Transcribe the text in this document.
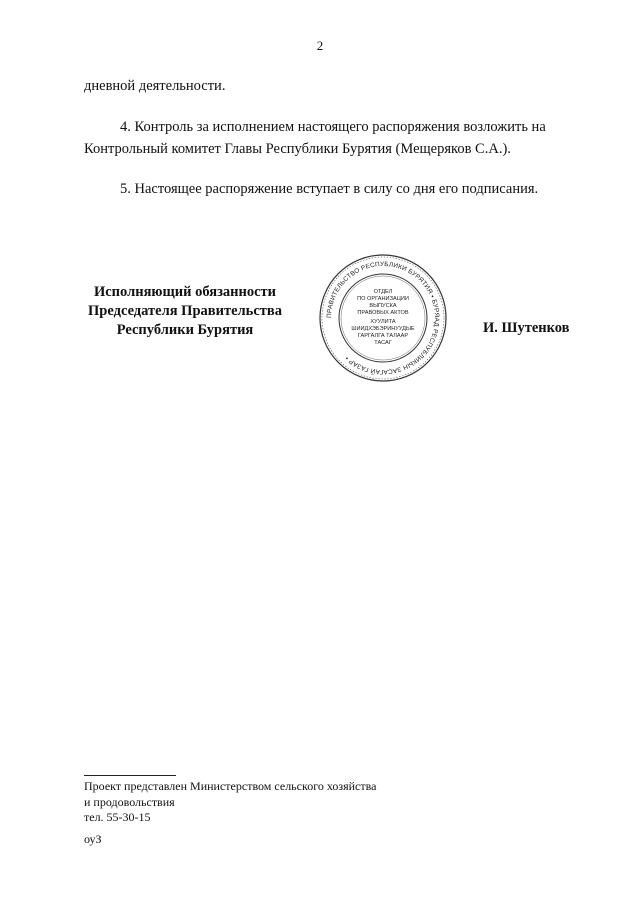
2
дневной деятельности.
4. Контроль за исполнением настоящего распоряжения возложить на
Контрольный комитет Главы Республики Бурятия (Мещеряков С.А.).
5. Настоящее распоряжение вступает в силу со дня его подписания.
Исполняющий обязанности
Председателя Правительства
Республики Бурятия
ПРАВИТЕЛЬСТВО РЕСПУБЛИКИ БУРЯТИЯ • БУРЯАД РЕСПУБЛИКЫН ЗАСАГАЙ ГАЗАР •
ОТДЕЛ
ПО ОРГАНИЗАЦИИ
ВЫПУСКА
ПРАВОВЫХ АКТОВ
ХУУЛИТА
ШИИДХЭБЭРИНУУДЫЕ
ГАРГАЛГА ТАЛААР
ТАСАГ
И. Шутенков
Проект представлен Министерством сельского хозяйства
и продовольствия
тел. 55-30-15
оуЗ
